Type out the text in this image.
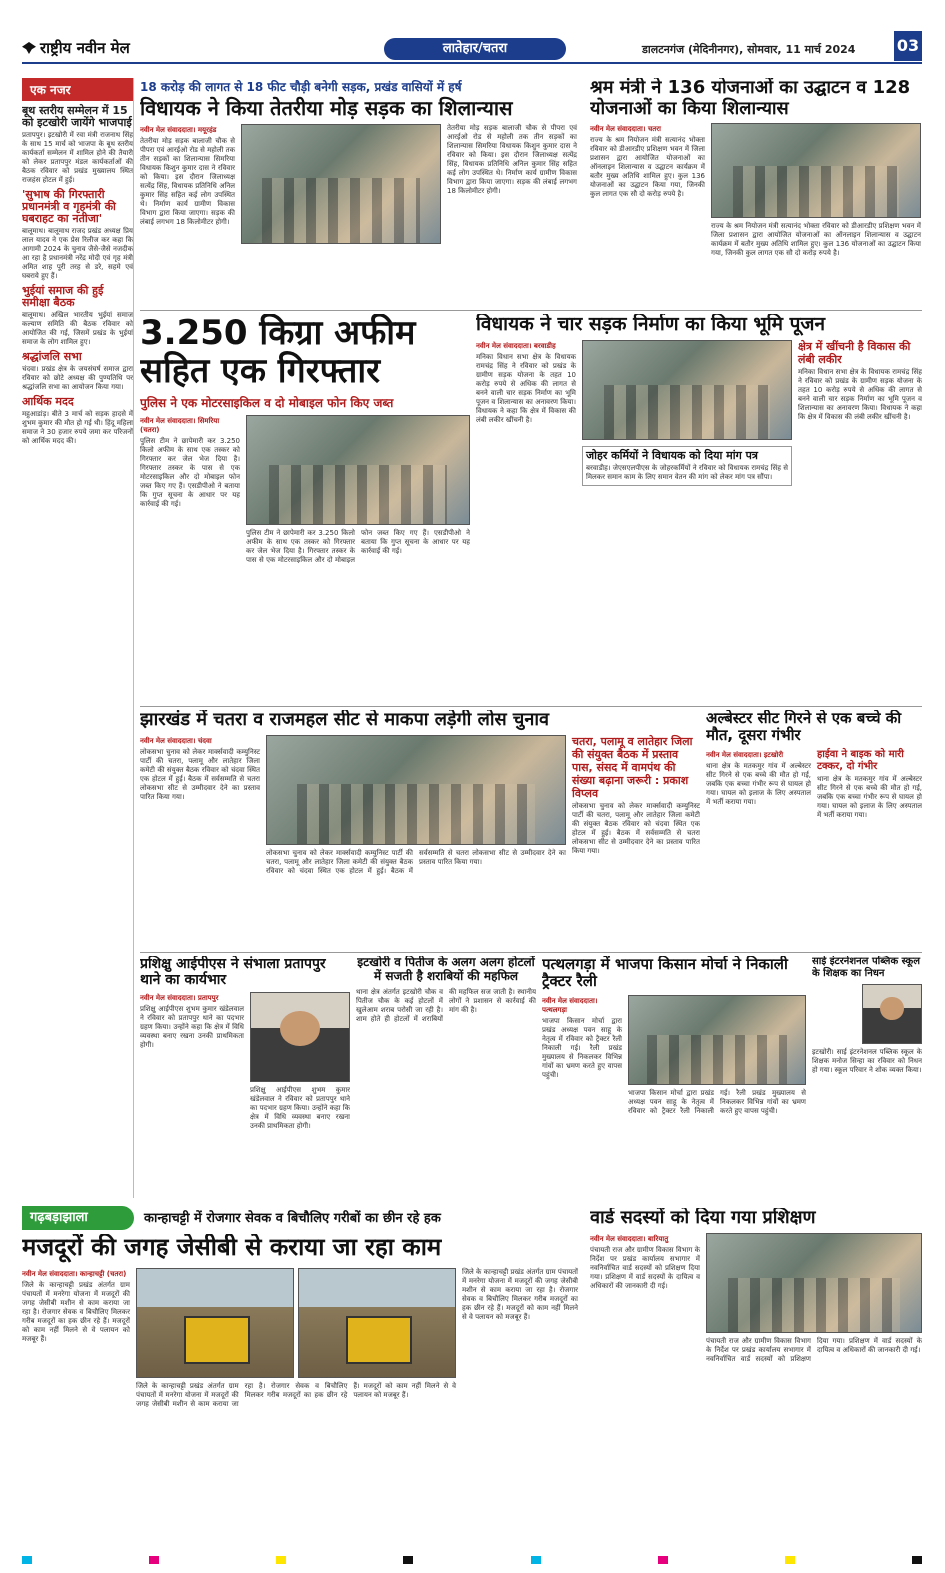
राष्ट्रीय नवीन मेल	लातेहार/चतरा	डालटनगंज (मेदिनीनगर), सोमवार, 11 मार्च 2024	03
एक नजर
बूथ स्तरीय सम्मेलन में 15 को इटखोरी जायेंगे भाजपाई
प्रतापपुर। इटखोरी में रवा मंत्री राजनाथ सिंह के साथ 15 मार्च को भाजपा के बूथ स्तरीय कार्यकर्ता सम्मेलन में शामिल होने की तैयारी को लेकर प्रतापपुर मंडल कार्यकर्ताओं की बैठक रविवार को प्रखंड मुख्यालय स्थित राजहंस होटल में हुई।
'सुभाष की गिरफ्तारी प्रधानमंत्री व गृहमंत्री की घबराहट का नतीजा'
बालूमाथ। बालूमाथ राजद प्रखंड अध्यक्ष प्रिय लाल यादव ने एक प्रेस रिलीज कर कहा कि आगामी 2024 के चुनाव जैसे-जैसे नजदीक आ रहा है प्रधानमंत्री नरेंद्र मोदी एवं गृह मंत्री अमित शाह पूरी तरह से डरे, सहमे एवं घबराये हुए हैं।
भुईयां समाज की हुई समीक्षा बैठक
बालूमाथ। अखिल भारतीय भुईयां समाज कल्याण समिति की बैठक रविवार को आयोजित की गई, जिसमें प्रखंड के भुईयां समाज के लोग शामिल हुए।
श्रद्धांजलि सभा
चंदवा। प्रखंड क्षेत्र के जयसंघर्ष समाज द्वारा रविवार को छोटे अध्यक्ष की पुण्यतिथि पर श्रद्धांजलि सभा का आयोजन किया गया।
आर्थिक मदद
महुआडांड़। बीते 3 मार्च को सड़क हादसे में शुभम कुमार की मौत हो गई थी। हिंदू महिला समाज ने 30 हजार रुपये जमा कर परिजनों को आर्थिक मदद की।
18 करोड़ की लागत से 18 फीट चौड़ी बनेगी सड़क, प्रखंड वासियों में हर्ष
विधायक ने किया तेतरीया मोड़ सड़क का शिलान्यास
नवीन मेल संवाददाता। मयूरहंड
तेतरीया मोड़ सड़क बालाजी चौक से पीपरा एवं आरईओ रोड से महोली तक तीन सड़कों का शिलान्यास सिमरिया विधायक किशुन कुमार दास ने रविवार को किया। इस दौरान जिलाध्यक्ष सत्येंद्र सिंह, विधायक प्रतिनिधि अनिल कुमार सिंह सहित कई लोग उपस्थित थे। निर्माण कार्य ग्रामीण विकास विभाग द्वारा किया जाएगा। सड़क की लंबाई लगभग 18 किलोमीटर होगी।
तेतरीया मोड़ सड़क बालाजी चौक से पीपरा एवं आरईओ रोड से महोली तक तीन सड़कों का शिलान्यास सिमरिया विधायक किशुन कुमार दास ने रविवार को किया। इस दौरान जिलाध्यक्ष सत्येंद्र सिंह, विधायक प्रतिनिधि अनिल कुमार सिंह सहित कई लोग उपस्थित थे। निर्माण कार्य ग्रामीण विकास विभाग द्वारा किया जाएगा। सड़क की लंबाई लगभग 18 किलोमीटर होगी।
श्रम मंत्री ने 136 योजनाओं का उद्घाटन व 128 योजनाओं का किया शिलान्यास
नवीन मेल संवाददाता। चतरा
राज्य के श्रम नियोजन मंत्री सत्यानंद भोक्ता रविवार को डीआरडीए प्रशिक्षण भवन में जिला प्रशासन द्वारा आयोजित योजनाओं का ऑनलाइन शिलान्यास व उद्घाटन कार्यक्रम में बतौर मुख्य अतिथि शामिल हुए। कुल 136 योजनाओं का उद्घाटन किया गया, जिनकी कुल लागत एक सौ दो करोड़ रुपये है।
राज्य के श्रम नियोजन मंत्री सत्यानंद भोक्ता रविवार को डीआरडीए प्रशिक्षण भवन में जिला प्रशासन द्वारा आयोजित योजनाओं का ऑनलाइन शिलान्यास व उद्घाटन कार्यक्रम में बतौर मुख्य अतिथि शामिल हुए। कुल 136 योजनाओं का उद्घाटन किया गया, जिनकी कुल लागत एक सौ दो करोड़ रुपये है।
3.250 किग्रा अफीम सहित एक गिरफ्तार
पुलिस ने एक मोटरसाइकिल व दो मोबाइल फोन किए जब्त
नवीन मेल संवाददाता। सिमरिया (चतरा)
पुलिस टीम ने छापेमारी कर 3.250 किलो अफीम के साथ एक तस्कर को गिरफ्तार कर जेल भेज दिया है। गिरफ्तार तस्कर के पास से एक मोटरसाइकिल और दो मोबाइल फोन जब्त किए गए हैं। एसडीपीओ ने बताया कि गुप्त सूचना के आधार पर यह कार्रवाई की गई।
पुलिस टीम ने छापेमारी कर 3.250 किलो अफीम के साथ एक तस्कर को गिरफ्तार कर जेल भेज दिया है। गिरफ्तार तस्कर के पास से एक मोटरसाइकिल और दो मोबाइल फोन जब्त किए गए हैं। एसडीपीओ ने बताया कि गुप्त सूचना के आधार पर यह कार्रवाई की गई।
विधायक ने चार सड़क निर्माण का किया भूमि पूजन
नवीन मेल संवाददाता। बरवाडीह
मनिका विधान सभा क्षेत्र के विधायक रामचंद्र सिंह ने रविवार को प्रखंड के ग्रामीण सड़क योजना के तहत 10 करोड़ रुपये से अधिक की लागत से बनने वाली चार सड़क निर्माण का भूमि पूजन व शिलान्यास का अनावरण किया। विधायक ने कहा कि क्षेत्र में विकास की लंबी लकीर खींचनी है।
जोहर कर्मियों ने विधायक को दिया मांग पत्र
बरवाडीह। जेएसएलपीएस के जोहरकर्मियों ने रविवार को विधायक रामचंद्र सिंह से मिलकर समान काम के लिए समान वेतन की मांग को लेकर मांग पत्र सौंपा।
क्षेत्र में खींचनी है विकास की लंबी लकीर
मनिका विधान सभा क्षेत्र के विधायक रामचंद्र सिंह ने रविवार को प्रखंड के ग्रामीण सड़क योजना के तहत 10 करोड़ रुपये से अधिक की लागत से बनने वाली चार सड़क निर्माण का भूमि पूजन व शिलान्यास का अनावरण किया। विधायक ने कहा कि क्षेत्र में विकास की लंबी लकीर खींचनी है।
झारखंड में चतरा व राजमहल सीट से माकपा लड़ेगी लोस चुनाव
नवीन मेल संवाददाता। चंदवा
लोकसभा चुनाव को लेकर मार्क्सवादी कम्युनिस्ट पार्टी की चतरा, पलामू और लातेहार जिला कमेटी की संयुक्त बैठक रविवार को चंदवा स्थित एक होटल में हुई। बैठक में सर्वसम्मति से चतरा लोकसभा सीट से उम्मीदवार देने का प्रस्ताव पारित किया गया।
लोकसभा चुनाव को लेकर मार्क्सवादी कम्युनिस्ट पार्टी की चतरा, पलामू और लातेहार जिला कमेटी की संयुक्त बैठक रविवार को चंदवा स्थित एक होटल में हुई। बैठक में सर्वसम्मति से चतरा लोकसभा सीट से उम्मीदवार देने का प्रस्ताव पारित किया गया।
चतरा, पलामू व लातेहार जिला की संयुक्त बैठक में प्रस्ताव पास, संसद में वामपंथ की संख्या बढ़ाना जरूरी : प्रकाश विप्लव
लोकसभा चुनाव को लेकर मार्क्सवादी कम्युनिस्ट पार्टी की चतरा, पलामू और लातेहार जिला कमेटी की संयुक्त बैठक रविवार को चंदवा स्थित एक होटल में हुई। बैठक में सर्वसम्मति से चतरा लोकसभा सीट से उम्मीदवार देने का प्रस्ताव पारित किया गया।
अल्बेस्टर सीट गिरने से एक बच्चे की मौत, दूसरा गंभीर
नवीन मेल संवाददाता। इटखोरी
थाना क्षेत्र के मतकमुर गांव में अल्बेस्टर सीट गिरने से एक बच्चे की मौत हो गई, जबकि एक बच्चा गंभीर रूप से घायल हो गया। घायल को इलाज के लिए अस्पताल में भर्ती कराया गया।
हाईवा ने बाइक को मारी टक्कर, दो गंभीर
थाना क्षेत्र के मतकमुर गांव में अल्बेस्टर सीट गिरने से एक बच्चे की मौत हो गई, जबकि एक बच्चा गंभीर रूप से घायल हो गया। घायल को इलाज के लिए अस्पताल में भर्ती कराया गया।
प्रशिक्षु आईपीएस ने संभाला प्रतापपुर थाने का कार्यभार
नवीन मेल संवाददाता। प्रतापपुर
प्रशिक्षु आईपीएस शुभम कुमार खंडेलवाल ने रविवार को प्रतापपुर थाने का पदभार ग्रहण किया। उन्होंने कहा कि क्षेत्र में विधि व्यवस्था बनाए रखना उनकी प्राथमिकता होगी।
प्रशिक्षु आईपीएस शुभम कुमार खंडेलवाल ने रविवार को प्रतापपुर थाने का पदभार ग्रहण किया। उन्होंने कहा कि क्षेत्र में विधि व्यवस्था बनाए रखना उनकी प्राथमिकता होगी।
इटखोरी व पितीज के अलग अलग होटलों में सजती है शराबियों की महफिल
थाना क्षेत्र अंतर्गत इटखोरी चौक व पितीज चौक के कई होटलों में खुलेआम शराब परोसी जा रही है। शाम होते ही होटलों में शराबियों की महफिल सज जाती है। स्थानीय लोगों ने प्रशासन से कार्रवाई की मांग की है।
पत्थलगड़ा में भाजपा किसान मोर्चा ने निकाली ट्रैक्टर रैली
नवीन मेल संवाददाता। पत्थलगड़ा
भाजपा किसान मोर्चा द्वारा प्रखंड अध्यक्ष पवन साहू के नेतृत्व में रविवार को ट्रैक्टर रैली निकाली गई। रैली प्रखंड मुख्यालय से निकलकर विभिन्न गांवों का भ्रमण करते हुए वापस पहुंची।
भाजपा किसान मोर्चा द्वारा प्रखंड अध्यक्ष पवन साहू के नेतृत्व में रविवार को ट्रैक्टर रैली निकाली गई। रैली प्रखंड मुख्यालय से निकलकर विभिन्न गांवों का भ्रमण करते हुए वापस पहुंची।
साई इंटरनेशनल पब्लिक स्कूल के शिक्षक का निधन
इटखोरी। साई इंटरनेशनल पब्लिक स्कूल के शिक्षक मनोज सिन्हा का रविवार को निधन हो गया। स्कूल परिवार ने शोक व्यक्त किया।
गढ़बड़ाझाला	कान्हाचट्टी में रोजगार सेवक व बिचौलिए गरीबों का छीन रहे हक
मजदूरों की जगह जेसीबी से कराया जा रहा काम
नवीन मेल संवाददाता। कान्हाचट्टी (चतरा)
जिले के कान्हाचट्टी प्रखंड अंतर्गत ग्राम पंचायतों में मनरेगा योजना में मजदूरों की जगह जेसीबी मशीन से काम कराया जा रहा है। रोजगार सेवक व बिचौलिए मिलकर गरीब मजदूरों का हक छीन रहे हैं। मजदूरों को काम नहीं मिलने से वे पलायन को मजबूर हैं।
जिले के कान्हाचट्टी प्रखंड अंतर्गत ग्राम पंचायतों में मनरेगा योजना में मजदूरों की जगह जेसीबी मशीन से काम कराया जा रहा है। रोजगार सेवक व बिचौलिए मिलकर गरीब मजदूरों का हक छीन रहे हैं। मजदूरों को काम नहीं मिलने से वे पलायन को मजबूर हैं।
जिले के कान्हाचट्टी प्रखंड अंतर्गत ग्राम पंचायतों में मनरेगा योजना में मजदूरों की जगह जेसीबी मशीन से काम कराया जा रहा है। रोजगार सेवक व बिचौलिए मिलकर गरीब मजदूरों का हक छीन रहे हैं। मजदूरों को काम नहीं मिलने से वे पलायन को मजबूर हैं।
वार्ड सदस्यों को दिया गया प्रशिक्षण
नवीन मेल संवाददाता। बारियातु
पंचायती राज और ग्रामीण विकास विभाग के निर्देश पर प्रखंड कार्यालय सभागार में नवनिर्वाचित वार्ड सदस्यों को प्रशिक्षण दिया गया। प्रशिक्षण में वार्ड सदस्यों के दायित्व व अधिकारों की जानकारी दी गई।
पंचायती राज और ग्रामीण विकास विभाग के निर्देश पर प्रखंड कार्यालय सभागार में नवनिर्वाचित वार्ड सदस्यों को प्रशिक्षण दिया गया। प्रशिक्षण में वार्ड सदस्यों के दायित्व व अधिकारों की जानकारी दी गई।
